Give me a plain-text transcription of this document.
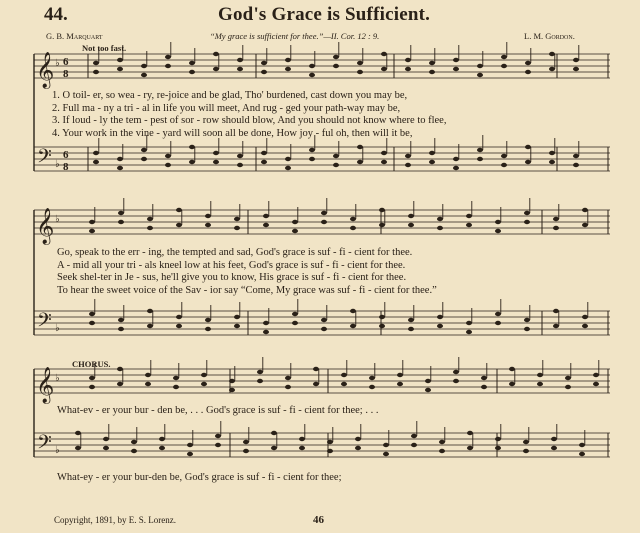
44.	God's Grace is Sufficient.
G. B. Marquart	“My grace is sufficient for thee.”—II. Cor. 12 : 9.	L. M. Gordon.
Not too fast.
𝄞
𝄞
𝄞
𝄢
𝄢
𝄢
♭
♭
♭
♭
♭
♭
6
8
6
8
1. O toil- er, so wea - ry, re-joice and be glad, Tho' burdened, cast down you may be,
2. Full ma - ny a tri - al in life you will meet, And rug - ged your path-way may be,
3. If loud - ly the tem - pest of sor - row should blow, And you should not know where to flee,
4. Your work in the vine - yard will soon all be done, How joy - ful oh, then will it be,
Go, speak to the err - ing, the tempted and sad, God's grace is suf - fi - cient for thee.
A - mid all your tri - als kneel low at his feet, God's grace is suf - fi - cient for thee.
Seek shel-ter in Je - sus, he'll give you to know, His grace is suf - fi - cient for thee.
To hear the sweet voice of the Sav - ior say “Come, My grace was suf - fi - cient for thee.”
CHORUS.
What-ev - er your bur - den be, . . . God's grace is suf - fi - cient for thee; . . .
What-ey - er your bur-den be, God's grace is suf - fi - cient for thee;
Copyright, 1891, by E. S. Lorenz.	46
